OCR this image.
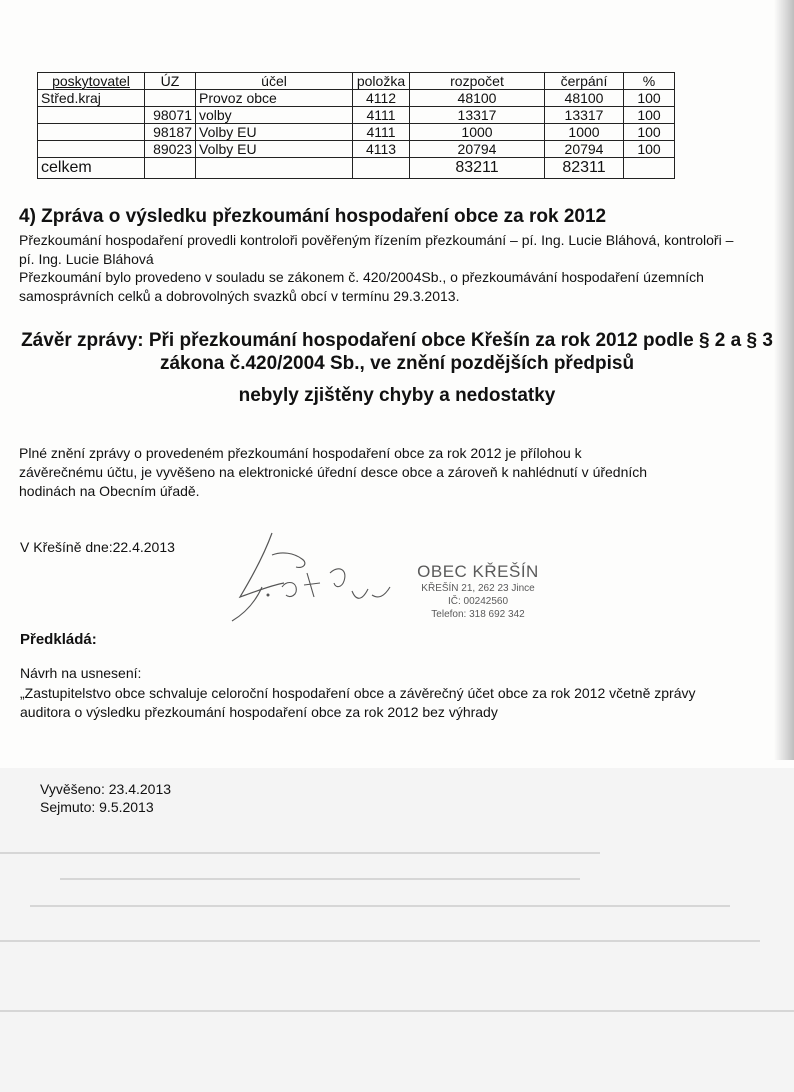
poskytovatel	ÚZ	účel	položka	rozpočet	čerpání	%
Střed.kraj		Provoz obce	4112	48100	48100	100
	98071	volby	4111	13317	13317	100
	98187	Volby EU	4111	1000	1000	100
	89023	Volby EU	4113	20794	20794	100
celkem				83211	82311	
4) Zpráva o výsledku přezkoumání hospodaření obce za rok 2012

Přezkoumání hospodaření provedli kontroloři pověřeným řízením přezkoumání – pí. Ing. Lucie Bláhová, kontroloři – pí. Ing. Lucie Bláhová

Přezkoumání bylo provedeno v souladu se zákonem č. 420/2004Sb., o přezkoumávání hospodaření územních samosprávních celků a dobrovolných svazků obcí v termínu 29.3.2013.

Závěr zprávy: Při přezkoumání hospodaření obce Křešín za rok 2012 podle § 2 a § 3 zákona č.420/2004 Sb., ve znění pozdějších předpisů

nebyly zjištěny chyby a nedostatky

Plné znění zprávy o provedeném přezkoumání hospodaření obce za rok 2012 je přílohou k závěrečnému účtu, je vyvěšeno na elektronické úřední desce obce a zároveň k nahlédnutí v úředních hodinách na Obecním úřadě.

V Křešíně dne:22.4.2013

OBEC KŘEŠÍN
KŘEŠÍN 21, 262 23 Jince
IČ: 00242560
Telefon: 318 692 342

Předkládá:

Návrh na usnesení:

„Zastupitelstvo obce schvaluje celoroční hospodaření obce a závěrečný účet obce za rok 2012 včetně zprávy auditora o výsledku přezkoumání hospodaření obce za rok 2012 bez výhrady

Vyvěšeno: 23.4.2013
Sejmuto: 9.5.2013
